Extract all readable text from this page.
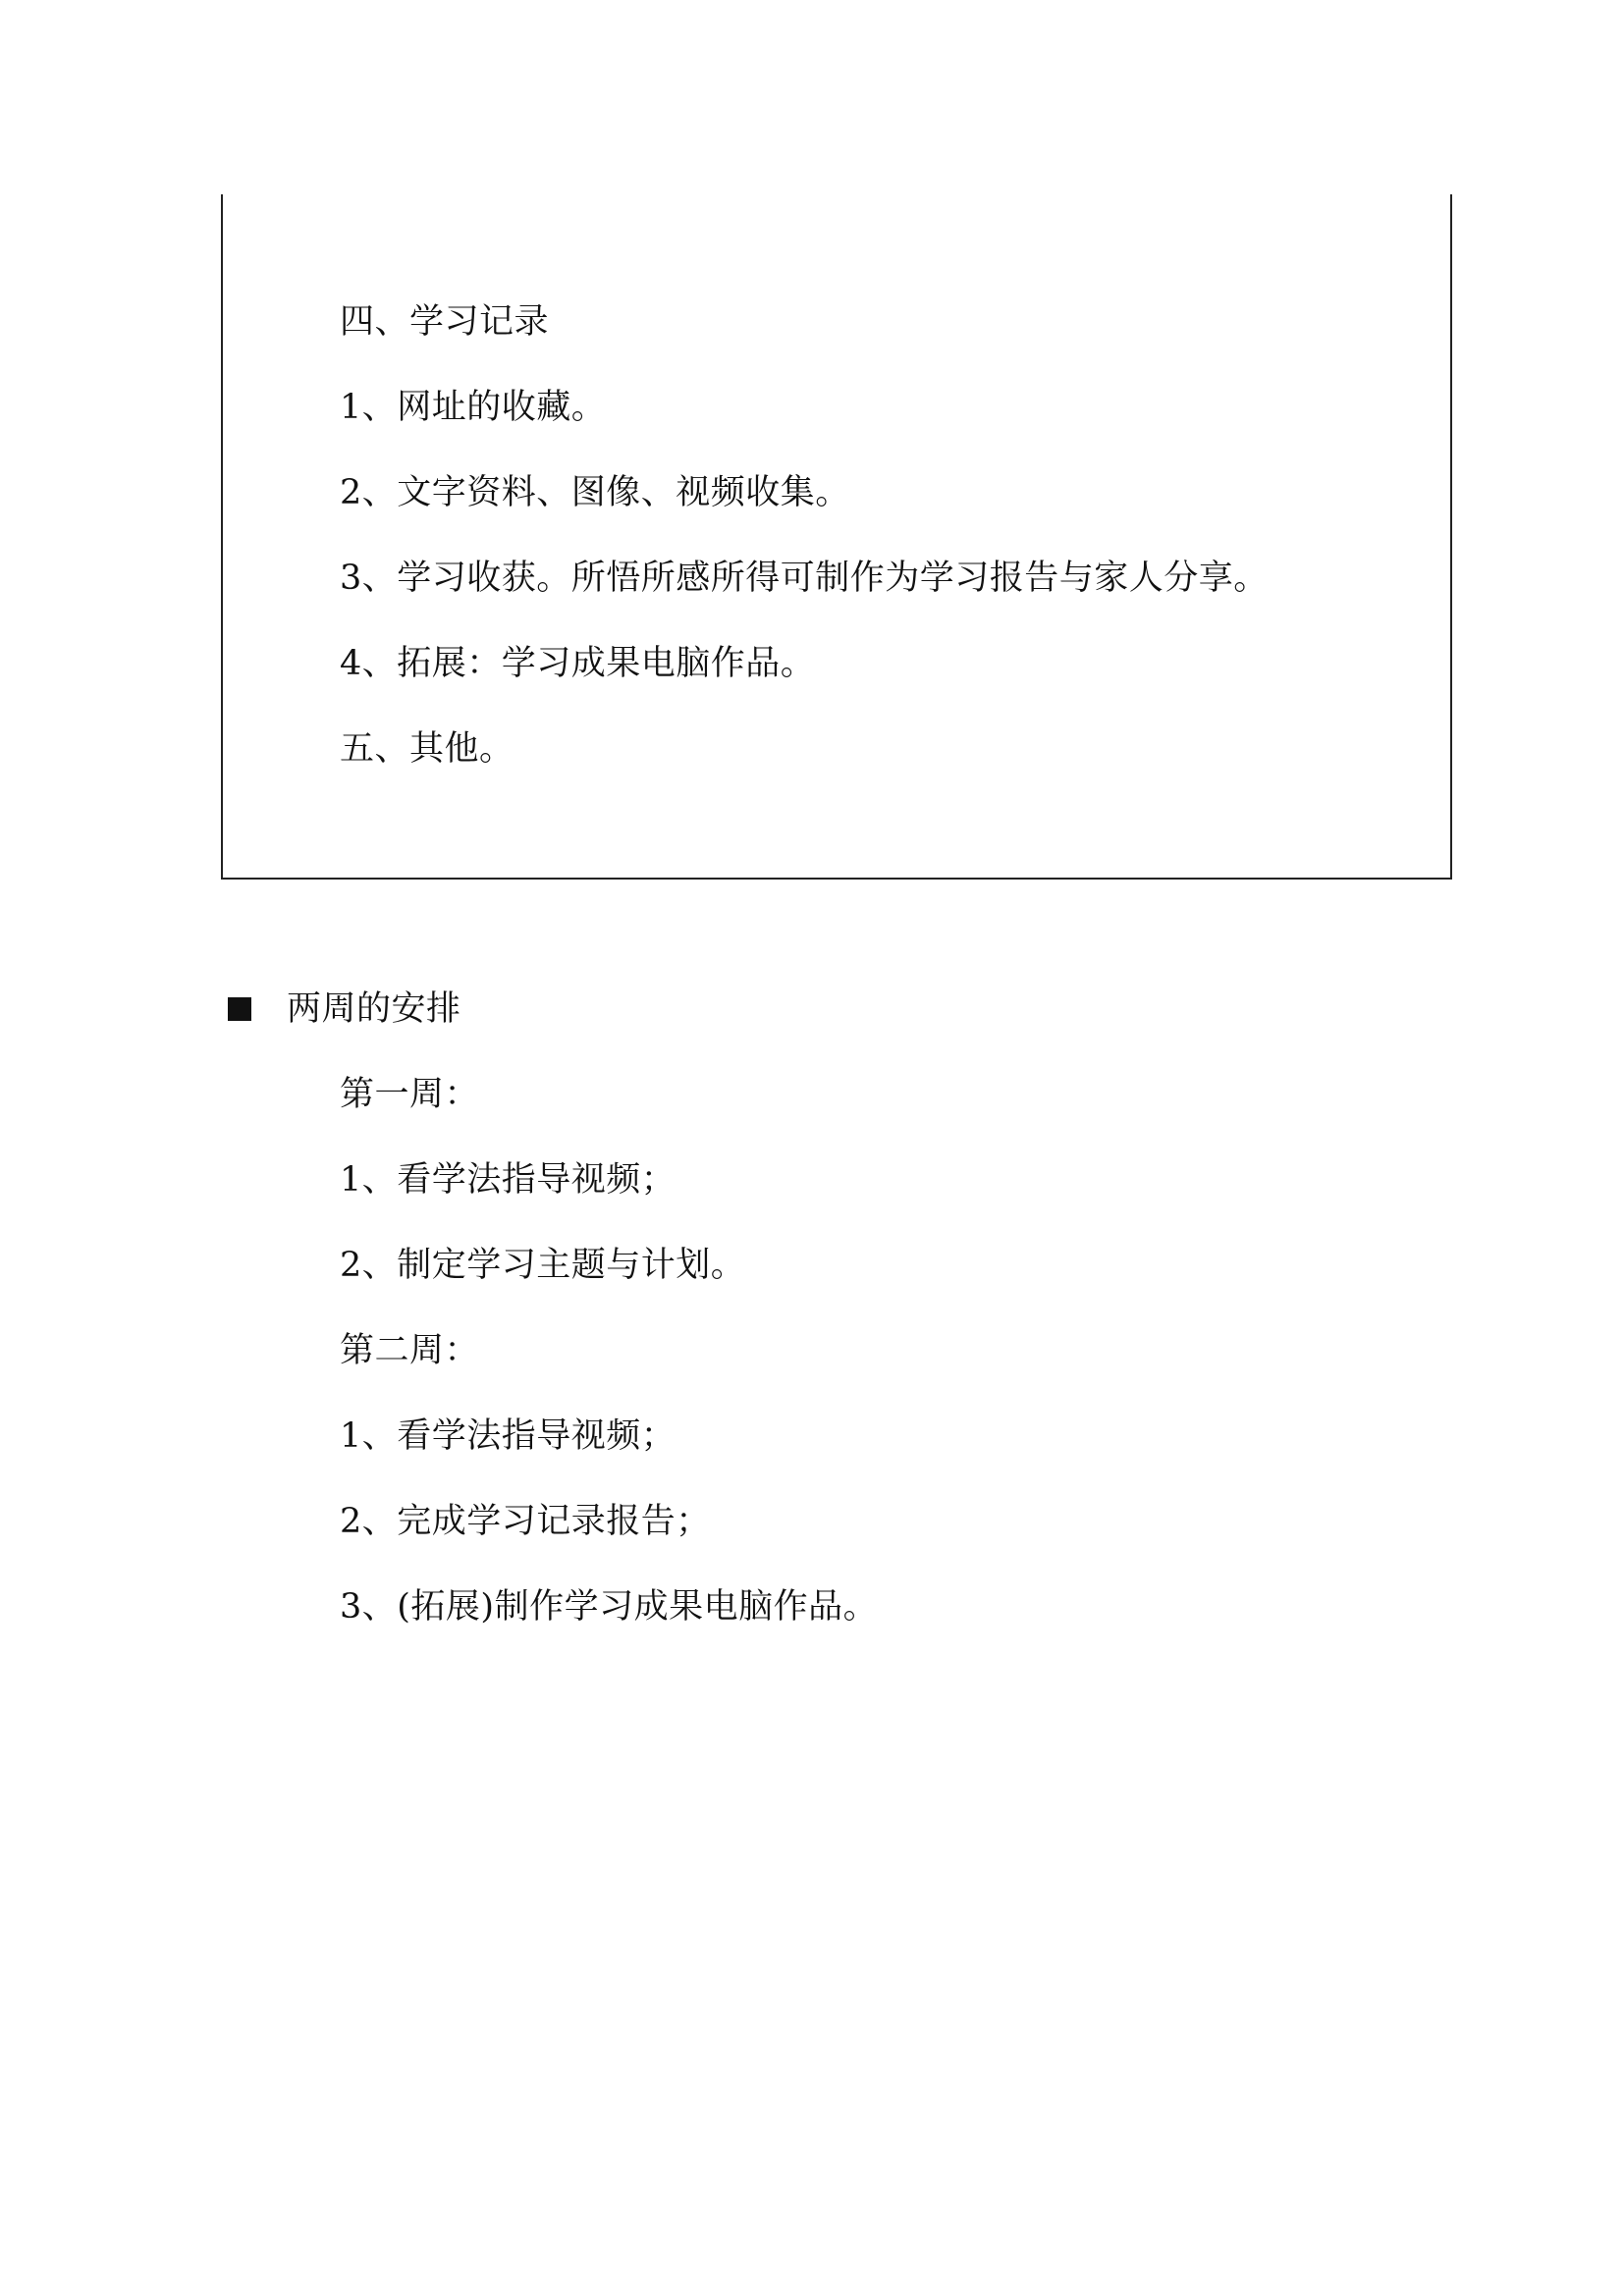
四、学习记录
1、网址的收藏。
2、文字资料、图像、视频收集。
3、学习收获。所悟所感所得可制作为学习报告与家人分享。
4、拓展：学习成果电脑作品。
五、其他。
两周的安排
第一周：
1、看学法指导视频；
2、制定学习主题与计划。
第二周：
1、看学法指导视频；
2、完成学习记录报告；
3、(拓展)制作学习成果电脑作品。
